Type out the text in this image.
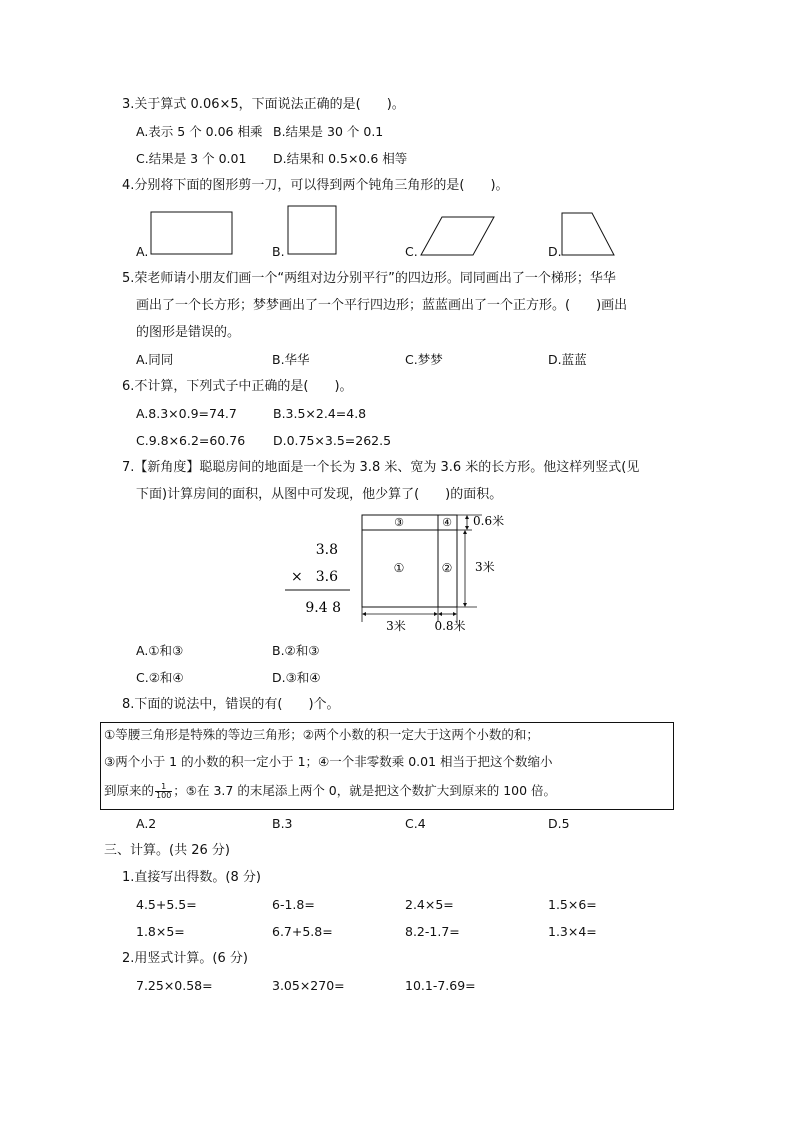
3.关于算式 0.06×5，下面说法正确的是(　　)。
A.表示 5 个 0.06 相乘 B.结果是 30 个 0.1
C.结果是 3 个 0.01 D.结果和 0.5×0.6 相等
4.分别将下面的图形剪一刀，可以得到两个钝角三角形的是(　　)。
A.	B.	C.	D.
5.荣老师请小朋友们画一个“两组对边分别平行”的四边形。同同画出了一个梯形；华华
画出了一个长方形；梦梦画出了一个平行四边形；蓝蓝画出了一个正方形。(　　)画出
的图形是错误的。
A.同同	B.华华	C.梦梦	D.蓝蓝
6.不计算，下列式子中正确的是(　　)。
A.8.3×0.9=74.7	B.3.5×2.4=4.8
C.9.8×6.2=60.76 D.0.75×3.5=262.5
7.【新角度】聪聪房间的地面是一个长为 3.8 米、宽为 3.6 米的长方形。他这样列竖式(见
下面)计算房间的面积，从图中可发现，他少算了(　　)的面积。
3.8
× 3.6
9.4 8
③	④
①	②
0.6米
3米
3米 0.8米
A.①和③	B.②和③
C.②和④	D.③和④
8.下面的说法中，错误的有(　　)个。
①等腰三角形是特殊的等边三角形；②两个小数的积一定大于这两个小数的和；
③两个小于 1 的小数的积一定小于 1；④一个非零数乘 0.01 相当于把这个数缩小
到原来的 $\frac{1}{100}$ ；⑤在 3.7 的末尾添上两个 0，就是把这个数扩大到原来的 100 倍。
A.2	B.3	C.4	D.5
三、计算。(共 26 分)
1.直接写出得数。(8 分)
4.5+5.5=	6-1.8=	2.4×5=	1.5×6=
1.8×5=	6.7+5.8=	8.2-1.7=	1.3×4=
2.用竖式计算。(6 分)
7.25×0.58=	3.05×270=	10.1-7.69=
